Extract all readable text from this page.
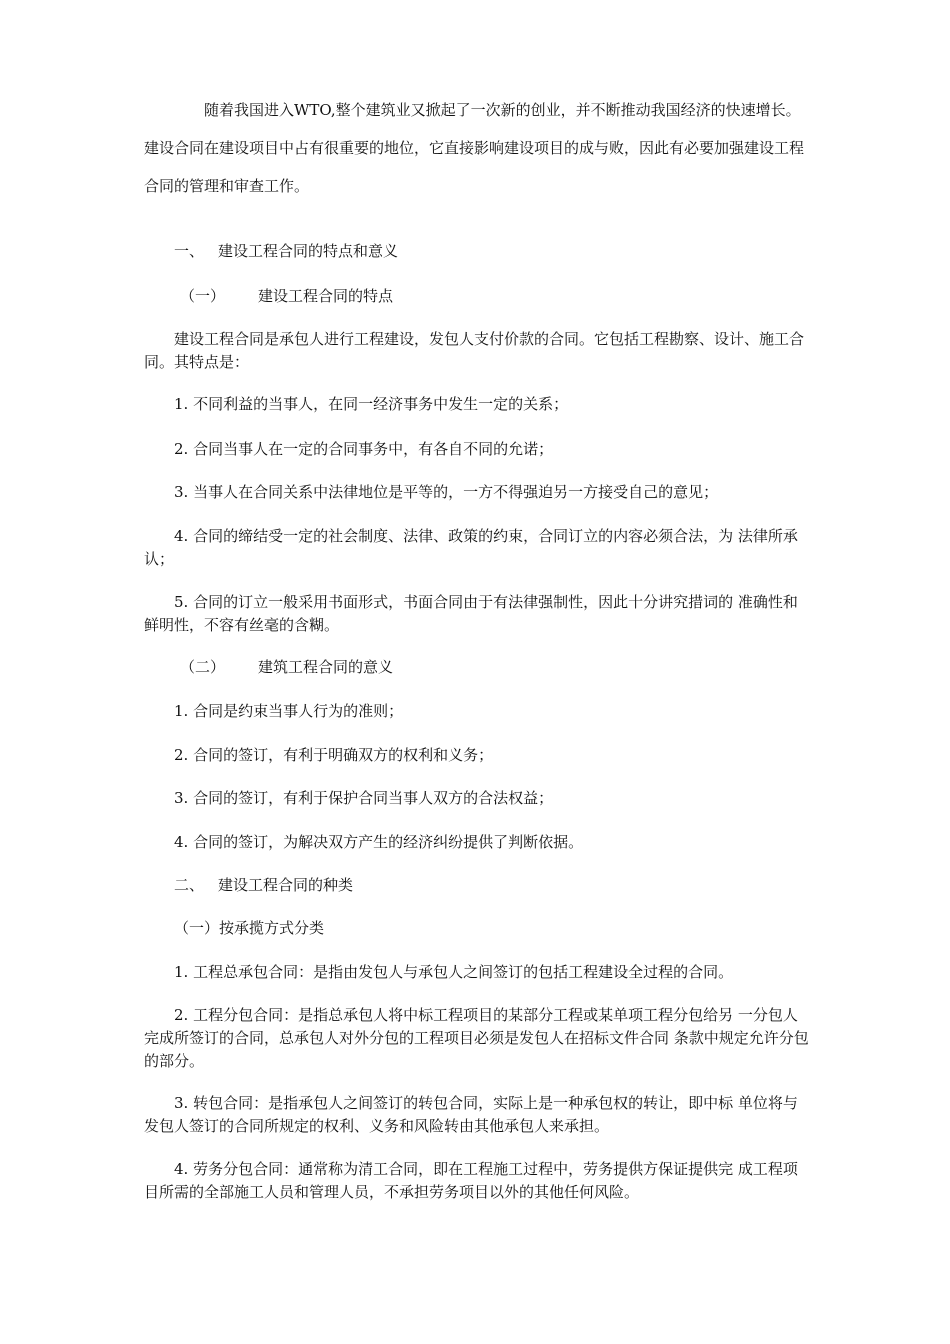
随着我国进入WTO,整个建筑业又掀起了一次新的创业，并不断推动我国经济的快速增长。建设合同在建设项目中占有很重要的地位，它直接影响建设项目的成与败，因此有必要加强建设工程合同的管理和审查工作。

一、 建设工程合同的特点和意义

（一） 建设工程合同的特点

建设工程合同是承包人进行工程建设，发包人支付价款的合同。它包括工程勘察、设计、施工合同。其特点是：

1. 不同利益的当事人，在同一经济事务中发生一定的关系；

2. 合同当事人在一定的合同事务中，有各自不同的允诺；

3. 当事人在合同关系中法律地位是平等的，一方不得强迫另一方接受自己的意见；

4. 合同的缔结受一定的社会制度、法律、政策的约束，合同订立的内容必须合法，为 法律所承认；

5. 合同的订立一般采用书面形式，书面合同由于有法律强制性，因此十分讲究措词的 准确性和鲜明性，不容有丝毫的含糊。

（二） 建筑工程合同的意义

1. 合同是约束当事人行为的准则；

2. 合同的签订，有利于明确双方的权利和义务；

3. 合同的签订，有利于保护合同当事人双方的合法权益；

4. 合同的签订，为解决双方产生的经济纠纷提供了判断依据。

二、 建设工程合同的种类

（一）按承揽方式分类

1. 工程总承包合同：是指由发包人与承包人之间签订的包括工程建设全过程的合同。

2. 工程分包合同：是指总承包人将中标工程项目的某部分工程或某单项工程分包给另 一分包人完成所签订的合同，总承包人对外分包的工程项目必须是发包人在招标文件合同 条款中规定允许分包的部分。

3. 转包合同：是指承包人之间签订的转包合同，实际上是一种承包权的转让，即中标 单位将与发包人签订的合同所规定的权利、义务和风险转由其他承包人来承担。

4. 劳务分包合同：通常称为清工合同，即在工程施工过程中，劳务提供方保证提供完 成工程项目所需的全部施工人员和管理人员，不承担劳务项目以外的其他任何风险。
